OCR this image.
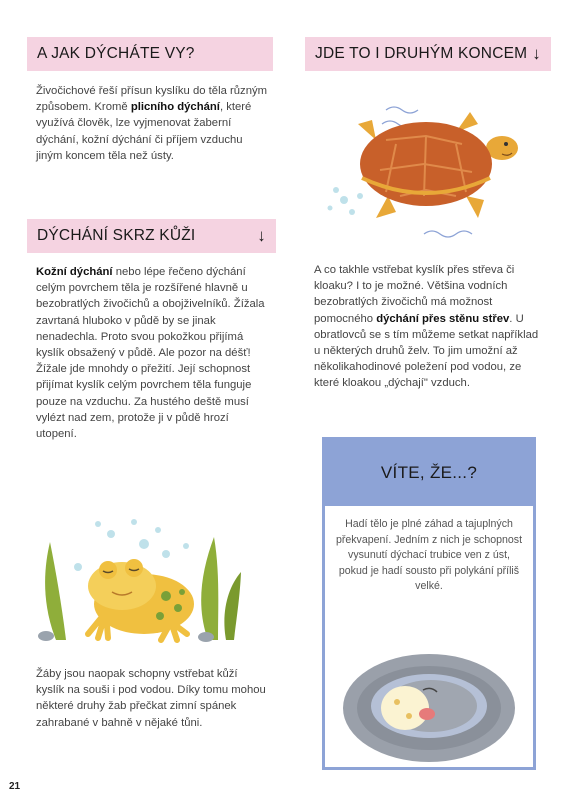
A JAK DÝCHÁTE VY?
Živočichové řeší přísun kyslíku do těla různým způsobem. Kromě plicního dýchání, které využívá člověk, lze vyjmenovat žaberní dýchání, kožní dýchání či příjem vzduchu jiným koncem těla než ústy.
DÝCHÁNÍ SKRZ KŮŽI	↓
Kožní dýchání nebo lépe řečeno dýchání celým povrchem těla je rozšířené hlavně u bezobratlých živočichů a obojživelníků. Žížala zavrtaná hluboko v půdě by se jinak nenadechla. Proto svou pokožkou přijímá kyslík obsažený v půdě. Ale pozor na déšť! Žížale jde mnohdy o přežití. Její schopnost přijímat kyslík celým povrchem těla funguje pouze na vzduchu. Za hustého deště musí vylézt nad zem, protože ji v půdě hrozí utopení.
Žáby jsou naopak schopny vstřebat kůží kyslík na souši i pod vodou. Díky tomu mohou některé druhy žab přečkat zimní spánek zahrabané v bahně v nějaké tůni.
JDE TO I DRUHÝM KONCEM ↓
A co takhle vstřebat kyslík přes střeva či kloaku? I to je možné. Většina vodních bezobratlých živočichů má možnost pomocného dýchání přes stěnu střev. U obratlovců se s tím můžeme setkat například u některých druhů želv. To jim umožní až několikahodinové poležení pod vodou, ze které kloakou „dýchají" vzduch.
VÍTE, ŽE...?
Hadí tělo je plné záhad a tajuplných překvapení. Jedním z nich je schopnost vysunutí dýchací trubice ven z úst, pokud je hadí sousto při polykání příliš velké.
21
